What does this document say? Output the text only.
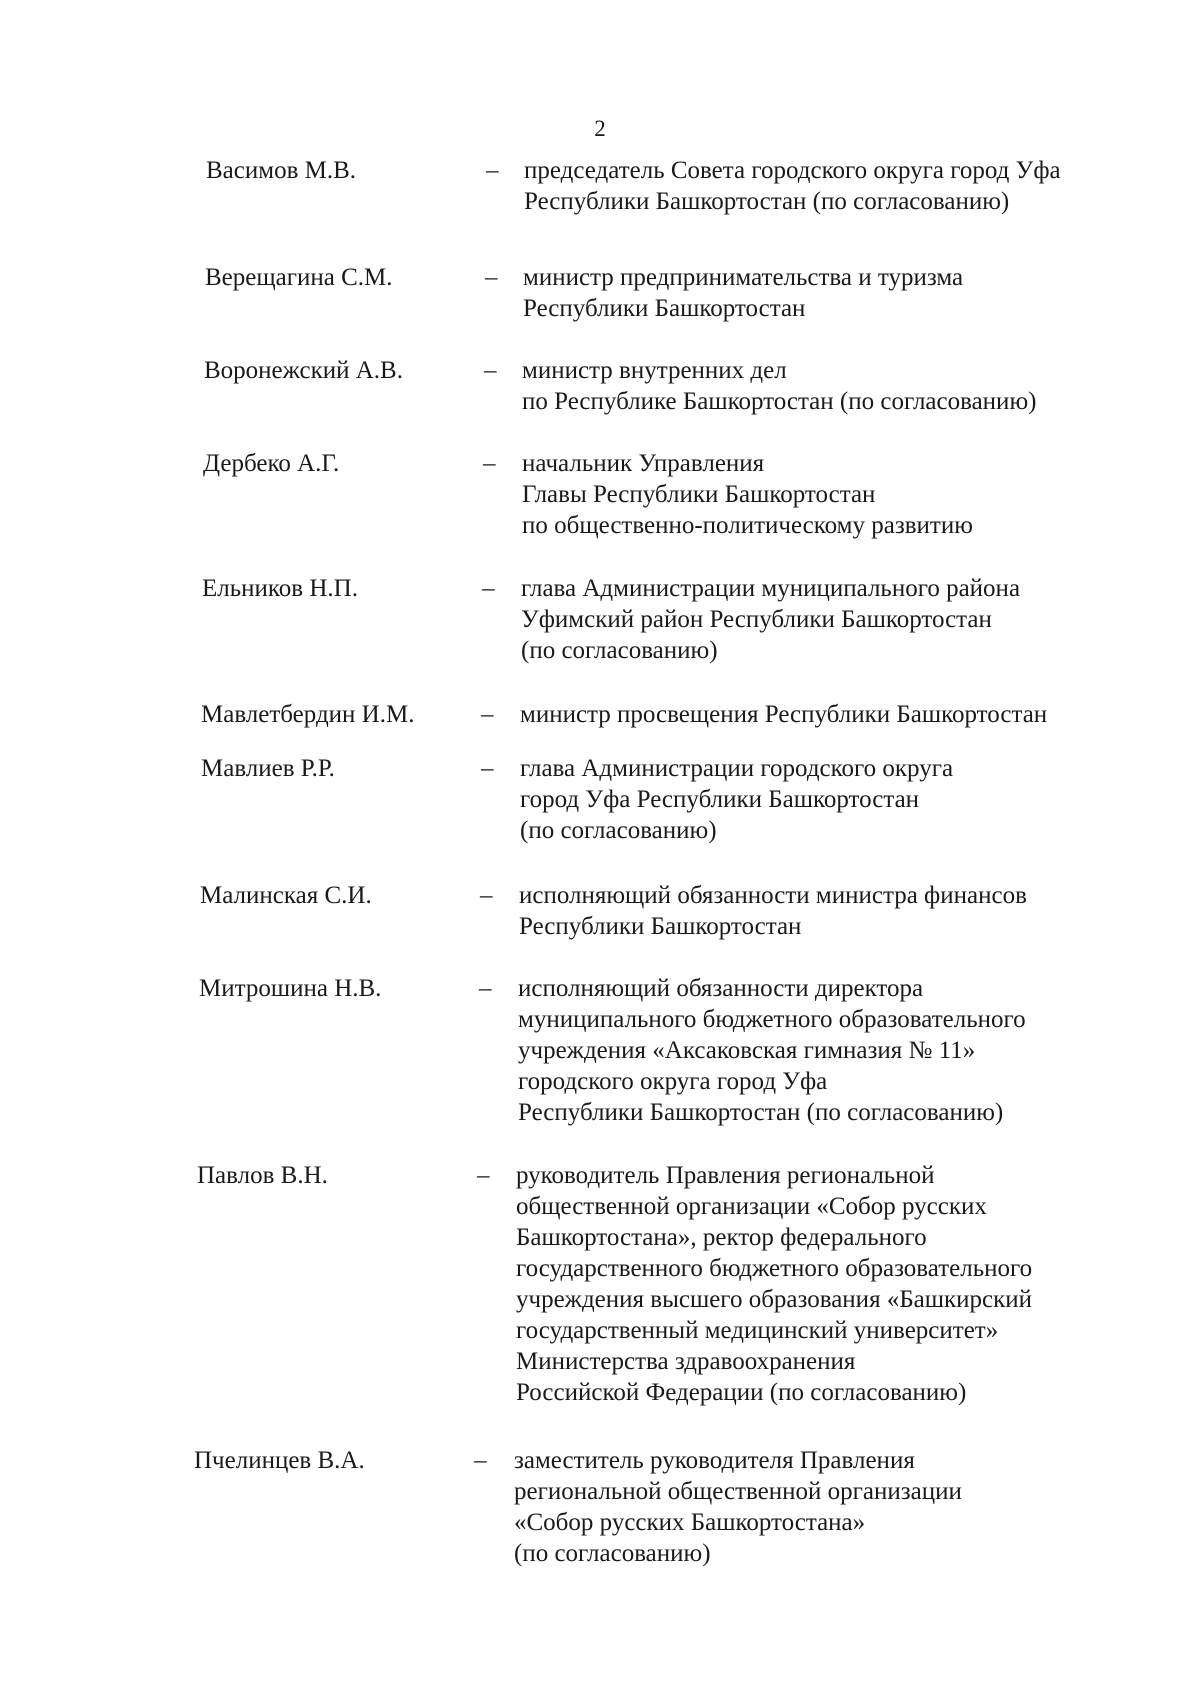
2
Васимов М.В.	– председатель Совета городского округа город Уфа
Республики Башкортостан (по согласованию)
Верещагина С.М.	– министр предпринимательства и туризма
Республики Башкортостан
Воронежский А.В.	– министр внутренних дел
по Республике Башкортостан (по согласованию)
Дербеко А.Г.	– начальник Управления
Главы Республики Башкортостан
по общественно-политическому развитию
Ельников Н.П.	– глава Администрации муниципального района
Уфимский район Республики Башкортостан
(по согласованию)
Мавлетбердин И.М.	– министр просвещения Республики Башкортостан
Мавлиев Р.Р.	– глава Администрации городского округа
город Уфа Республики Башкортостан
(по согласованию)
Малинская С.И.	– исполняющий обязанности министра финансов
Республики Башкортостан
Митрошина Н.В.	– исполняющий обязанности директора
муниципального бюджетного образовательного
учреждения «Аксаковская гимназия № 11»
городского округа город Уфа
Республики Башкортостан (по согласованию)
Павлов В.Н.	– руководитель Правления региональной
общественной организации «Собор русских
Башкортостана», ректор федерального
государственного бюджетного образовательного
учреждения высшего образования «Башкирский
государственный медицинский университет»
Министерства здравоохранения
Российской Федерации (по согласованию)
Пчелинцев В.А.	– заместитель руководителя Правления
региональной общественной организации
«Собор русских Башкортостана»
(по согласованию)
